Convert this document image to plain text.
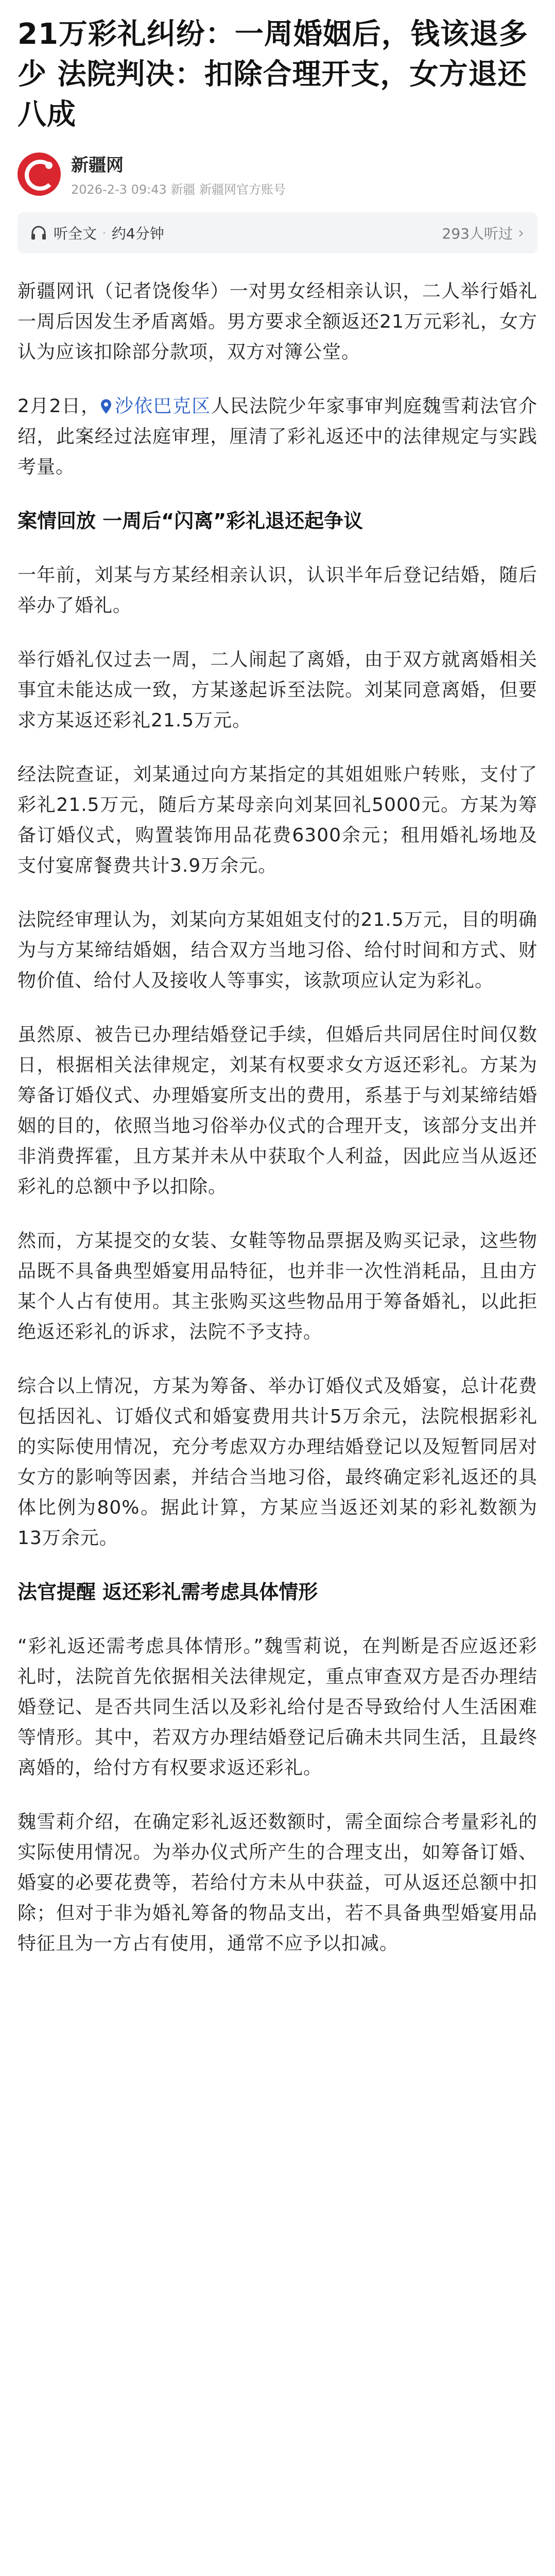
21万彩礼纠纷：一周婚姻后，钱该退多少 法院判决：扣除合理开支，女方退还八成
新疆网
2026-2-3 09:43 新疆 新疆网官方账号
听全文 · 约4分钟	293人听过 ›

新疆网讯（记者饶俊华）一对男女经相亲认识，二人举行婚礼一周后因发生矛盾离婚。男方要求全额返还21万元彩礼，女方认为应该扣除部分款项，双方对簿公堂。

2月2日， 沙依巴克区人民法院少年家事审判庭魏雪莉法官介绍，此案经过法庭审理，厘清了彩礼返还中的法律规定与实践考量。

案情回放 一周后“闪离”彩礼退还起争议

一年前，刘某与方某经相亲认识，认识半年后登记结婚，随后举办了婚礼。

举行婚礼仅过去一周，二人闹起了离婚，由于双方就离婚相关事宜未能达成一致，方某遂起诉至法院。刘某同意离婚，但要求方某返还彩礼21.5万元。

经法院查证，刘某通过向方某指定的其姐姐账户转账，支付了彩礼21.5万元，随后方某母亲向刘某回礼5000元。方某为筹备订婚仪式，购置装饰用品花费6300余元；租用婚礼场地及支付宴席餐费共计3.9万余元。

法院经审理认为，刘某向方某姐姐支付的21.5万元，目的明确为与方某缔结婚姻，结合双方当地习俗、给付时间和方式、财物价值、给付人及接收人等事实，该款项应认定为彩礼。

虽然原、被告已办理结婚登记手续，但婚后共同居住时间仅数日，根据相关法律规定，刘某有权要求女方返还彩礼。方某为筹备订婚仪式、办理婚宴所支出的费用，系基于与刘某缔结婚姻的目的，依照当地习俗举办仪式的合理开支，该部分支出并非消费挥霍，且方某并未从中获取个人利益，因此应当从返还彩礼的总额中予以扣除。

然而，方某提交的女装、女鞋等物品票据及购买记录，这些物品既不具备典型婚宴用品特征，也并非一次性消耗品，且由方某个人占有使用。其主张购买这些物品用于筹备婚礼，以此拒绝返还彩礼的诉求，法院不予支持。

综合以上情况，方某为筹备、举办订婚仪式及婚宴，总计花费包括因礼、订婚仪式和婚宴费用共计5万余元，法院根据彩礼的实际使用情况，充分考虑双方办理结婚登记以及短暂同居对女方的影响等因素，并结合当地习俗，最终确定彩礼返还的具体比例为80%。据此计算，方某应当返还刘某的彩礼数额为13万余元。

法官提醒 返还彩礼需考虑具体情形

“彩礼返还需考虑具体情形。”魏雪莉说，在判断是否应返还彩礼时，法院首先依据相关法律规定，重点审查双方是否办理结婚登记、是否共同生活以及彩礼给付是否导致给付人生活困难等情形。其中，若双方办理结婚登记后确未共同生活，且最终离婚的，给付方有权要求返还彩礼。

魏雪莉介绍，在确定彩礼返还数额时，需全面综合考量彩礼的实际使用情况。为举办仪式所产生的合理支出，如筹备订婚、婚宴的必要花费等，若给付方未从中获益，可从返还总额中扣除；但对于非为婚礼筹备的物品支出，若不具备典型婚宴用品特征且为一方占有使用，通常不应予以扣减。
